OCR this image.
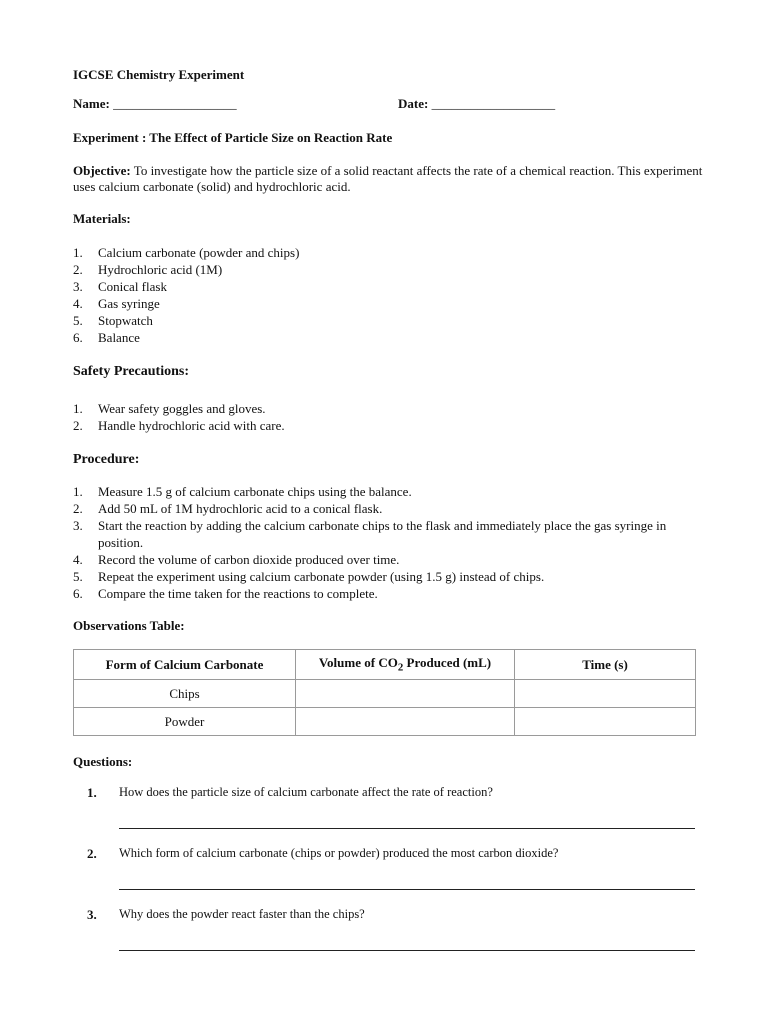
IGCSE Chemistry Experiment
Name: ___________________	Date: ___________________
Experiment : The Effect of Particle Size on Reaction Rate
Objective: To investigate how the particle size of a solid reactant affects the rate of a chemical reaction. This experiment uses calcium carbonate (solid) and hydrochloric acid.
Materials:
1. Calcium carbonate (powder and chips)
2. Hydrochloric acid (1M)
3. Conical flask
4. Gas syringe
5. Stopwatch
6. Balance
Safety Precautions:
1. Wear safety goggles and gloves.
2. Handle hydrochloric acid with care.
Procedure:
1. Measure 1.5 g of calcium carbonate chips using the balance.
2. Add 50 mL of 1M hydrochloric acid to a conical flask.
3. Start the reaction by adding the calcium carbonate chips to the flask and immediately place the gas syringe in position.
4. Record the volume of carbon dioxide produced over time.
5. Repeat the experiment using calcium carbonate powder (using 1.5 g) instead of chips.
6. Compare the time taken for the reactions to complete.
Observations Table:
Form of Calcium Carbonate	Volume of $CO_2$ Produced (mL)	Time (s)
Chips		
Powder		
Questions:
1. How does the particle size of calcium carbonate affect the rate of reaction?
2. Which form of calcium carbonate (chips or powder) produced the most carbon dioxide?
3. Why does the powder react faster than the chips?
